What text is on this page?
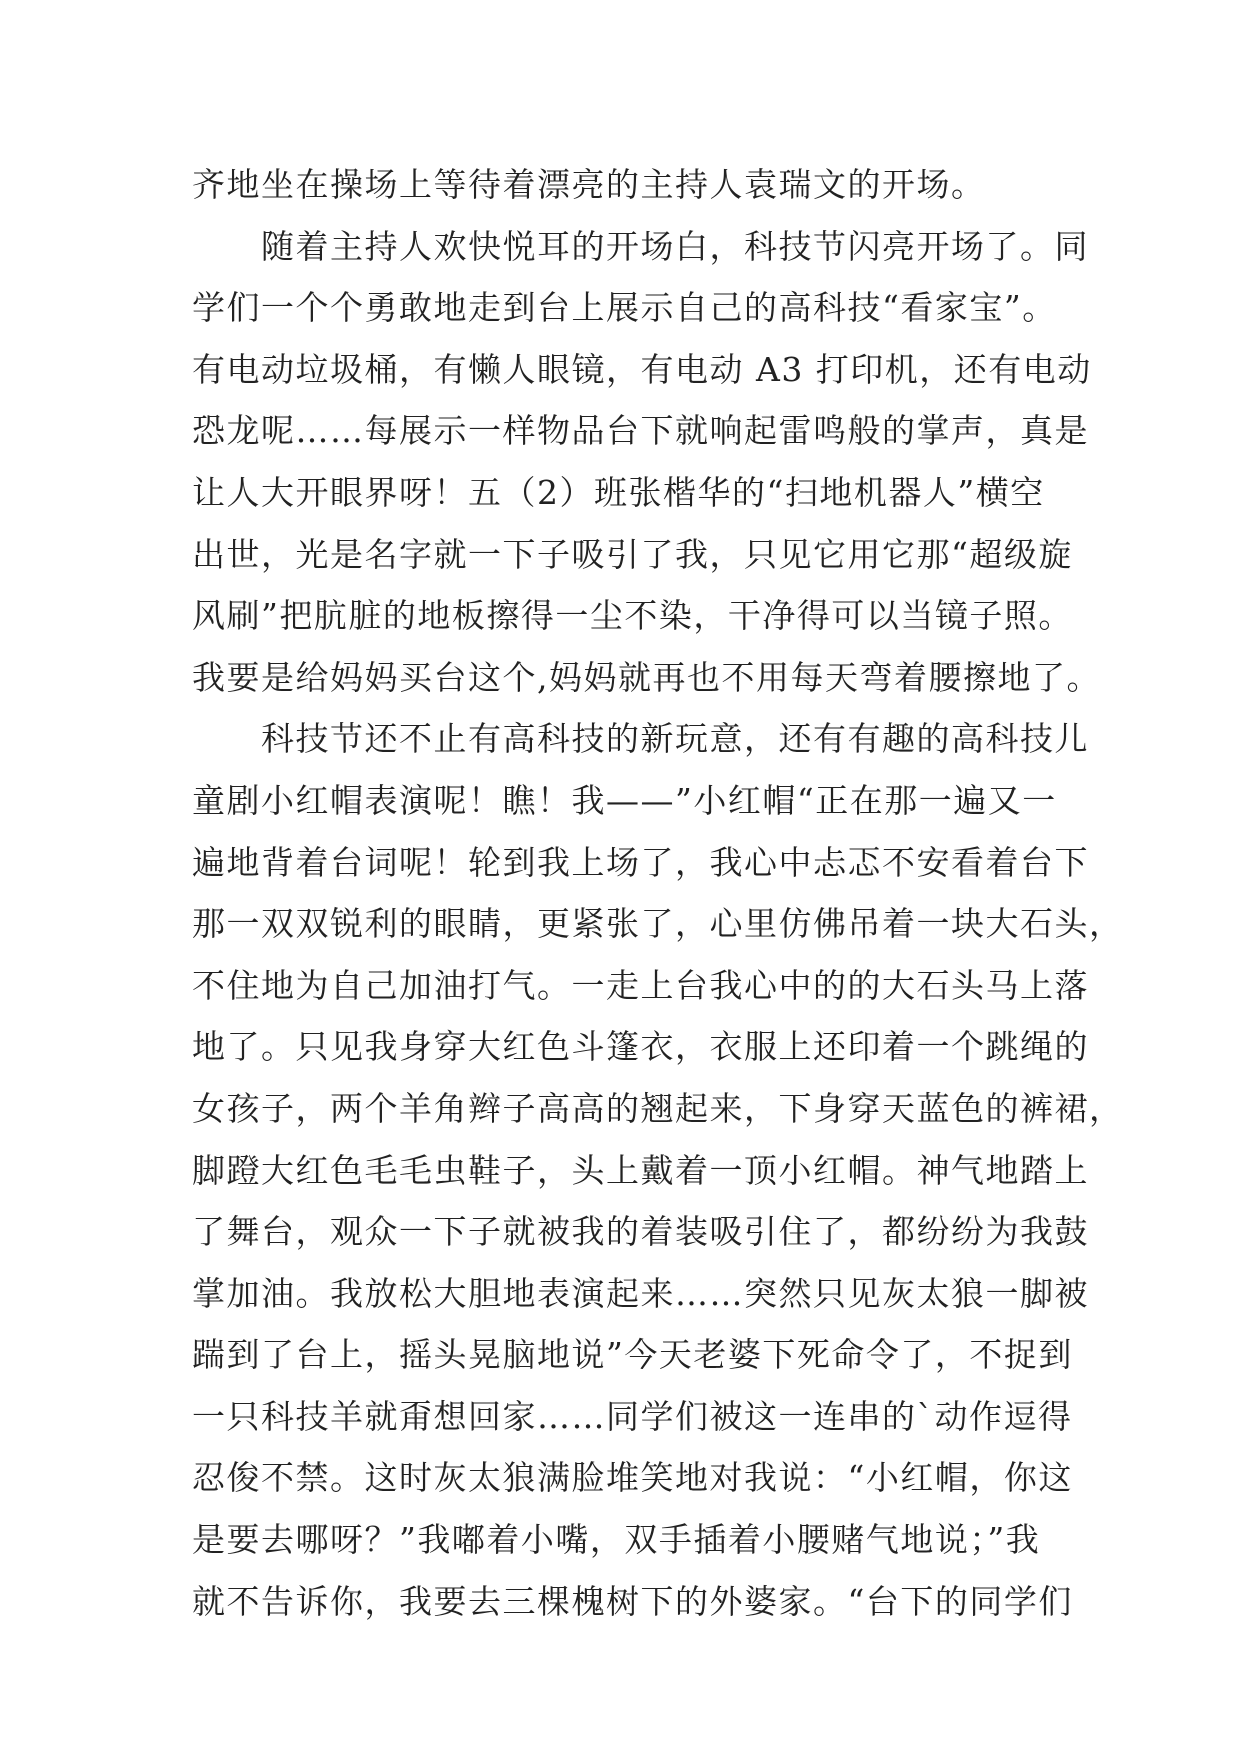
齐地坐在操场上等待着漂亮的主持人袁瑞文的开场。
　　随着主持人欢快悦耳的开场白，科技节闪亮开场了。同
学们一个个勇敢地走到台上展示自己的高科技“看家宝”。
有电动垃圾桶，有懒人眼镜，有电动 A3 打印机，还有电动
恐龙呢……每展示一样物品台下就响起雷鸣般的掌声，真是
让人大开眼界呀！五（2）班张楷华的“扫地机器人”横空
出世，光是名字就一下子吸引了我，只见它用它那“超级旋
风刷”把肮脏的地板擦得一尘不染，干净得可以当镜子照。
我要是给妈妈买台这个,妈妈就再也不用每天弯着腰擦地了。
　　科技节还不止有高科技的新玩意，还有有趣的高科技儿
童剧小红帽表演呢！瞧！我——”小红帽“正在那一遍又一
遍地背着台词呢！轮到我上场了，我心中忐忑不安看着台下
那一双双锐利的眼睛，更紧张了，心里仿佛吊着一块大石头，
不住地为自己加油打气。一走上台我心中的的大石头马上落
地了。只见我身穿大红色斗篷衣，衣服上还印着一个跳绳的
女孩子，两个羊角辫子高高的翘起来，下身穿天蓝色的裤裙，
脚蹬大红色毛毛虫鞋子，头上戴着一顶小红帽。神气地踏上
了舞台，观众一下子就被我的着装吸引住了，都纷纷为我鼓
掌加油。我放松大胆地表演起来……突然只见灰太狼一脚被
踹到了台上，摇头晃脑地说”今天老婆下死命令了，不捉到
一只科技羊就甭想回家……同学们被这一连串的`动作逗得
忍俊不禁。这时灰太狼满脸堆笑地对我说：“小红帽，你这
是要去哪呀？”我嘟着小嘴，双手插着小腰赌气地说；”我
就不告诉你，我要去三棵槐树下的外婆家。“台下的同学们
